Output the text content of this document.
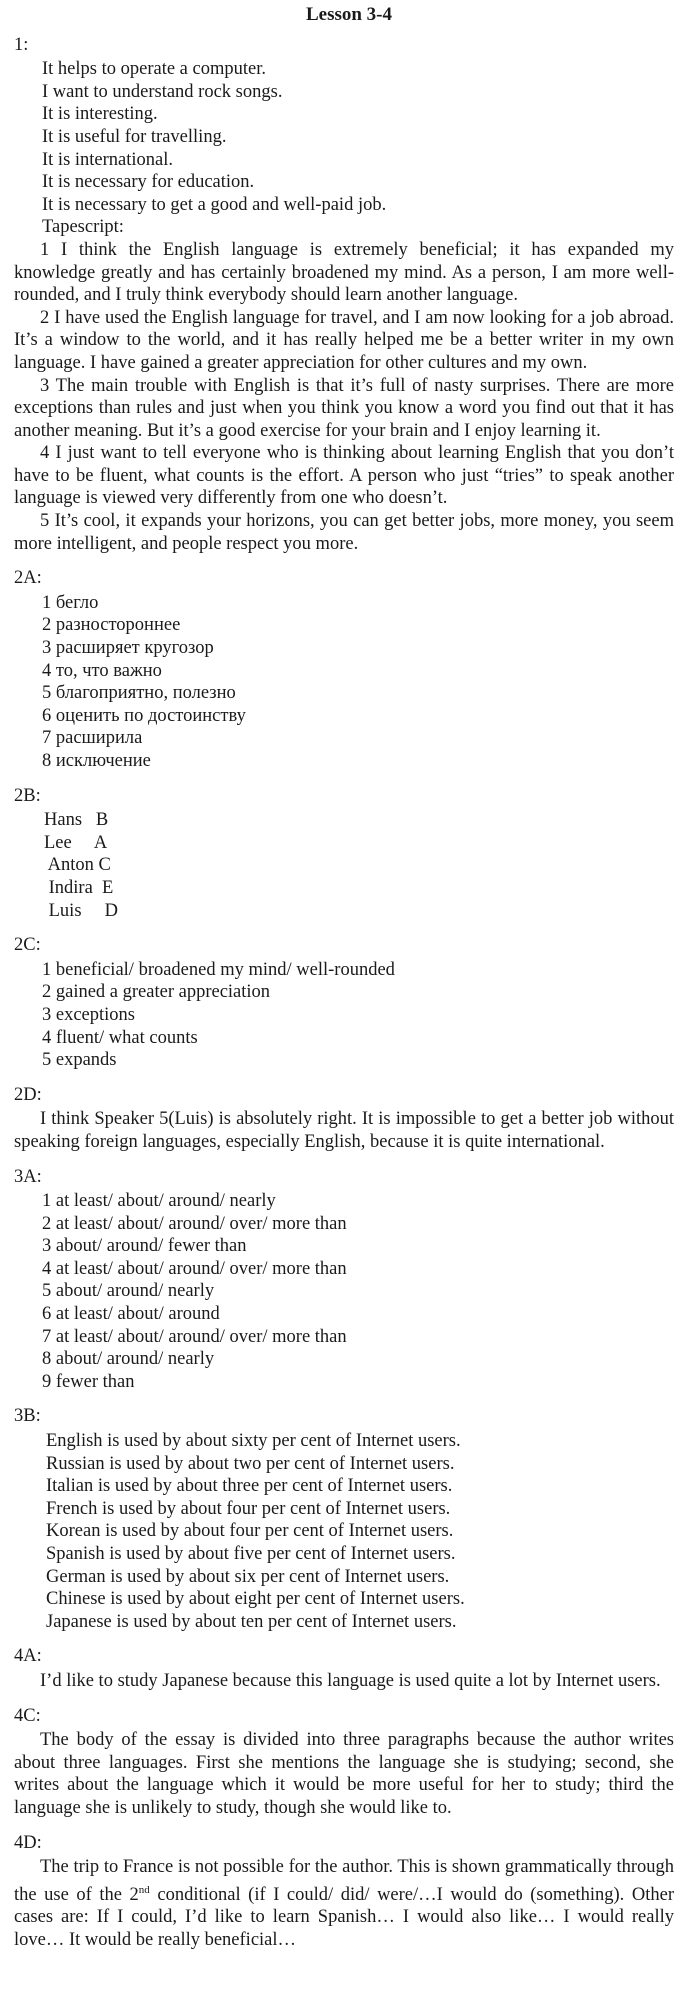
Lesson 3-4
1:
It helps to operate a computer.
I want to understand rock songs.
It is interesting.
It is useful for travelling.
It is international.
It is necessary for education.
It is necessary to get a good and well-paid job.
Tapescript:

1 I think the English language is extremely beneficial; it has expanded my knowledge greatly and has certainly broadened my mind. As a person, I am more well-rounded, and I truly think everybody should learn another language.

2 I have used the English language for travel, and I am now looking for a job abroad. It’s a window to the world, and it has really helped me be a better writer in my own language. I have gained a greater appreciation for other cultures and my own.

3 The main trouble with English is that it’s full of nasty surprises. There are more exceptions than rules and just when you think you know a word you find out that it has another meaning. But it’s a good exercise for your brain and I enjoy learning it.

4 I just want to tell everyone who is thinking about learning English that you don’t have to be fluent, what counts is the effort. A person who just “tries” to speak another language is viewed very differently from one who doesn’t.

5 It’s cool, it expands your horizons, you can get better jobs, more money, you seem more intelligent, and people respect you more.

2A:
1 бегло
2 разностороннее
3 расширяет кругозор
4 то, что важно
5 благоприятно, полезно
6 оценить по достоинству
7 расширила
8 исключение
2B:
Hans   B
Lee     A
Anton C
Indira  E
Luis     D
2C:
1 beneficial/ broadened my mind/ well-rounded
2 gained a greater appreciation
3 exceptions
4 fluent/ what counts
5 expands
2D:

I think Speaker 5(Luis) is absolutely right. It is impossible to get a better job without speaking foreign languages, especially English, because it is quite international.

3A:
1 at least/ about/ around/ nearly
2 at least/ about/ around/ over/ more than
3 about/ around/ fewer than
4 at least/ about/ around/ over/ more than
5 about/ around/ nearly
6 at least/ about/ around
7 at least/ about/ around/ over/ more than
8 about/ around/ nearly
9 fewer than
3B:
English is used by about sixty per cent of Internet users.
Russian is used by about two per cent of Internet users.
Italian is used by about three per cent of Internet users.
French is used by about four per cent of Internet users.
Korean is used by about four per cent of Internet users.
Spanish is used by about five per cent of Internet users.
German is used by about six per cent of Internet users.
Chinese is used by about eight per cent of Internet users.
Japanese is used by about ten per cent of Internet users.
4A:

I’d like to study Japanese because this language is used quite a lot by Internet users.

4C:

The body of the essay is divided into three paragraphs because the author writes about three languages. First she mentions the language she is studying; second, she writes about the language which it would be more useful for her to study; third the language she is unlikely to study, though she would like to.

4D:

The trip to France is not possible for the author. This is shown grammatically through the use of the 2nd conditional (if I could/ did/ were/…I would do (something). Other cases are: If I could, I’d like to learn Spanish… I would also like… I would really love… It would be really beneficial…
